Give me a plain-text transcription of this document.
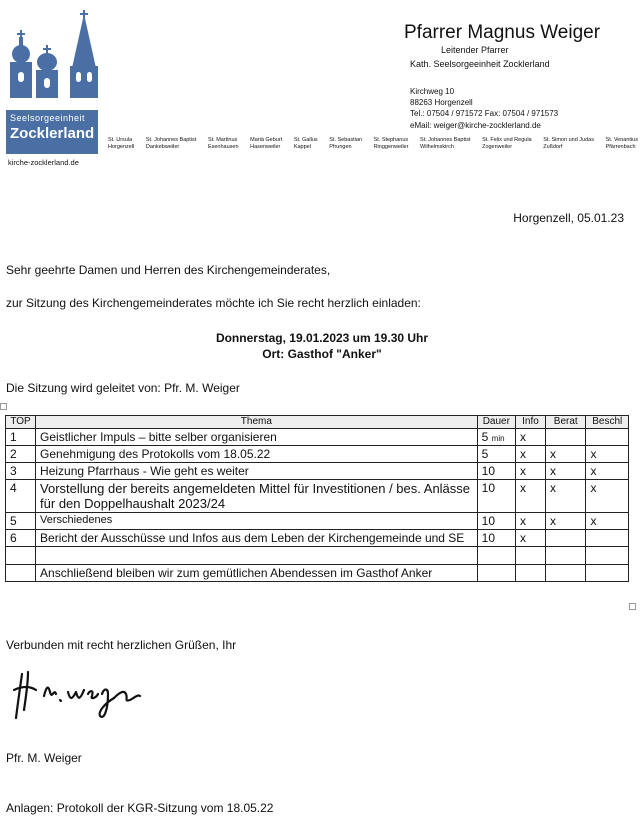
Seelsorgeeinheit
Zocklerland
kirche-zocklerland.de
St. Ursula
Horgenzell
St. Johannes Baptist
Dankebweiler
St. Martinus
Esenhausen
Mariä Geburt
Hasenweiler
St. Gallus
Kappel
St. Sebastian
Pfrungen
St. Stephanus
Ringgenweiler
St. Johannes Baptist
Wilhelmskirch
St. Felix und Regula
Zogenweiler
St. Simon und Judas
Zußdorf
St. Venantius
Pfärrenbach
Pfarrer Magnus Weiger
Leitender Pfarrer
Kath. Seelsorgeeinheit Zocklerland
Kirchweg 10
88263 Horgenzell
Tel.: 07504 / 971572 Fax: 07504 / 971573
eMail: weiger@kirche-zocklerland.de
Horgenzell, 05.01.23
Sehr geehrte Damen und Herren des Kirchengemeinderates,
zur Sitzung des Kirchengemeinderates möchte ich Sie recht herzlich einladen:
Donnerstag, 19.01.2023 um 19.30 Uhr
Ort: Gasthof "Anker"
Die Sitzung wird geleitet von: Pfr. M. Weiger
TOP	Thema	Dauer	Info	Berat	Beschl
1	Geistlicher Impuls – bitte selber organisieren	5 min	x		
2	Genehmigung des Protokolls vom 18.05.22	5	x	x	x
3	Heizung Pfarrhaus - Wie geht es weiter	10	x	x	x
4	Vorstellung der bereits angemeldeten Mittel für Investitionen / bes. Anlässe für den Doppelhaushalt 2023/24	10	x	x	x
5	Verschiedenes	10	x	x	x
6	Bericht der Ausschüsse und Infos aus dem Leben der Kirchengemeinde und SE	10	x		

	Anschließend bleiben wir zum gemütlichen Abendessen im Gasthof Anker				
Verbunden mit recht herzlichen Grüßen, Ihr
Pfr. M. Weiger
Anlagen: Protokoll der KGR-Sitzung vom 18.05.22
